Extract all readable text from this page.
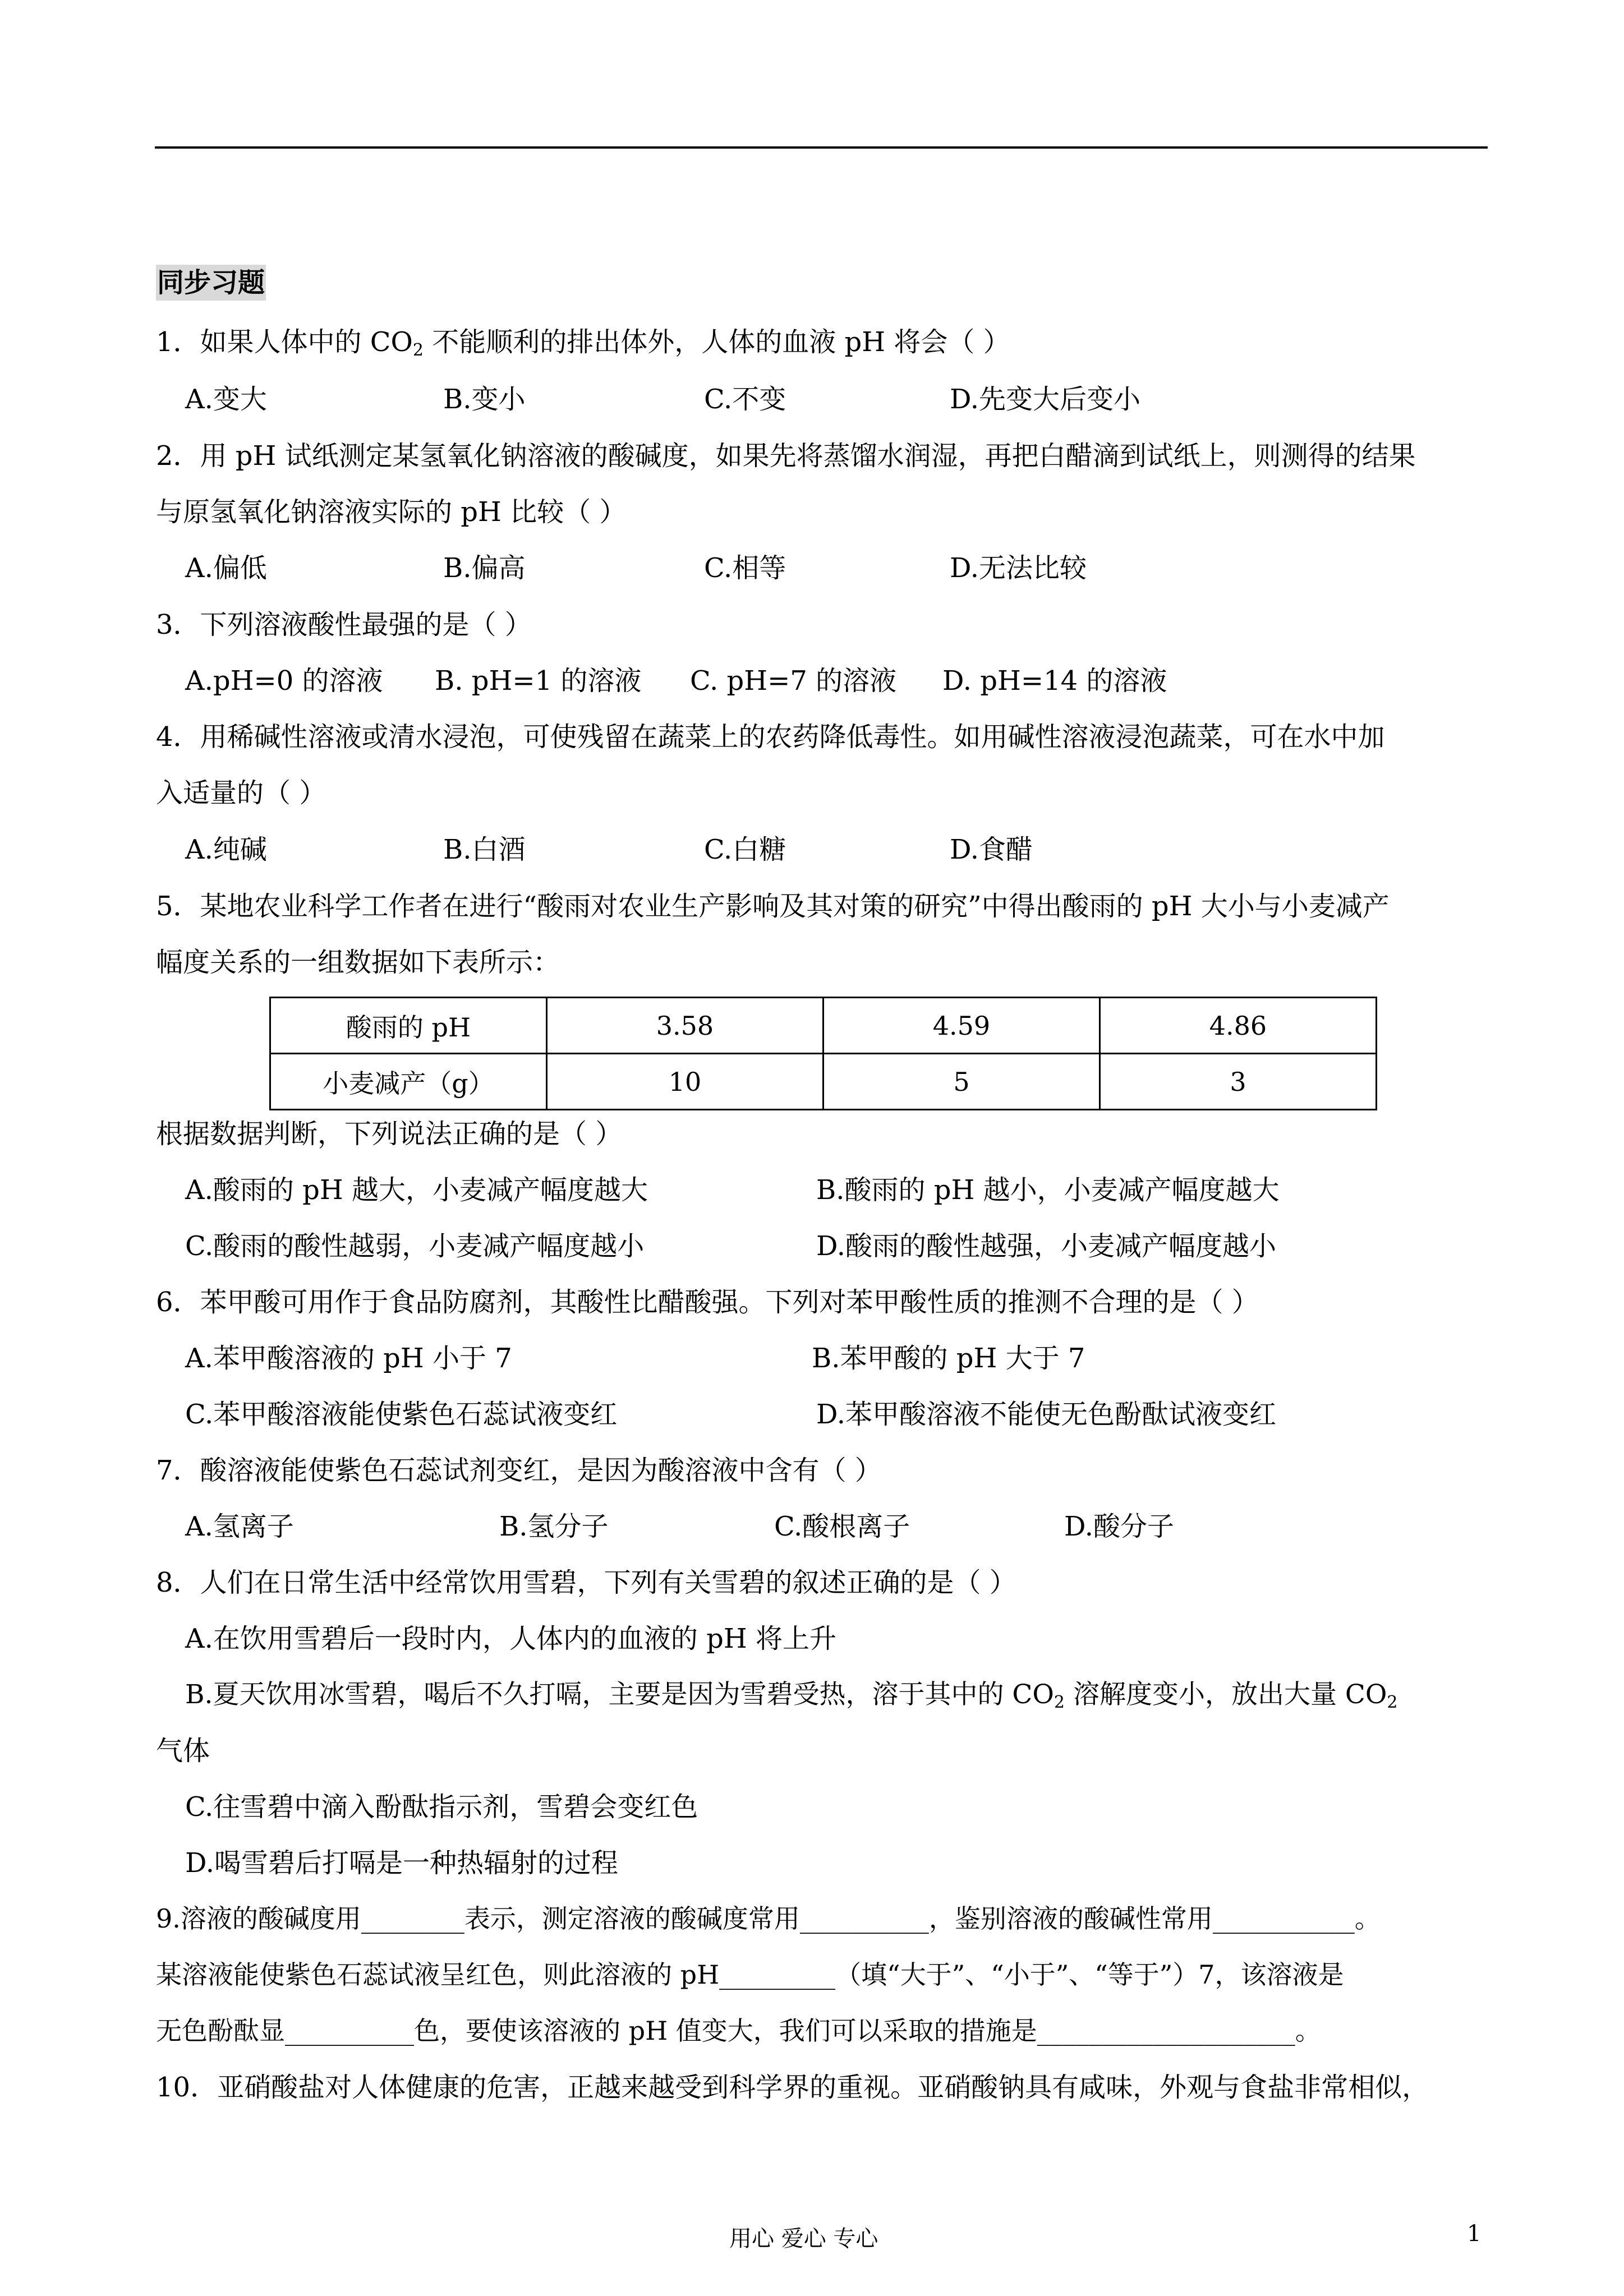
同步习题
1．如果人体中的 $CO_2$ 不能顺利的排出体外，人体的血液 pH 将会（ ）
A.变大	B.变小	C.不变	D.先变大后变小
2．用 pH 试纸测定某氢氧化钠溶液的酸碱度，如果先将蒸馏水润湿，再把白醋滴到试纸上，则测得的结果
与原氢氧化钠溶液实际的 pH 比较（ ）
A.偏低	B.偏高	C.相等	D.无法比较
3．下列溶液酸性最强的是（ ）
A.pH=0 的溶液 B. pH=1 的溶液 C. pH=7 的溶液 D. pH=14 的溶液
4．用稀碱性溶液或清水浸泡，可使残留在蔬菜上的农药降低毒性。如用碱性溶液浸泡蔬菜，可在水中加
入适量的（ ）
A.纯碱	B.白酒	C.白糖	D.食醋
5．某地农业科学工作者在进行“酸雨对农业生产影响及其对策的研究”中得出酸雨的 pH 大小与小麦减产
幅度关系的一组数据如下表所示：
酸雨的 pH	3.58	4.59	4.86
小麦减产（g）	10	5	3
根据数据判断，下列说法正确的是（ ）
A.酸雨的 pH 越大，小麦减产幅度越大	B.酸雨的 pH 越小，小麦减产幅度越大
C.酸雨的酸性越弱，小麦减产幅度越小	D.酸雨的酸性越强，小麦减产幅度越小
6．苯甲酸可用作于食品防腐剂，其酸性比醋酸强。下列对苯甲酸性质的推测不合理的是（ ）
A.苯甲酸溶液的 pH 小于 7	B.苯甲酸的 pH 大于 7
C.苯甲酸溶液能使紫色石蕊试液变红	D.苯甲酸溶液不能使无色酚酞试液变红
7．酸溶液能使紫色石蕊试剂变红，是因为酸溶液中含有（ ）
A.氢离子	B.氢分子	C.酸根离子	D.酸分子
8．人们在日常生活中经常饮用雪碧，下列有关雪碧的叙述正确的是（ ）
A.在饮用雪碧后一段时内，人体内的血液的 pH 将上升
B.夏天饮用冰雪碧，喝后不久打嗝，主要是因为雪碧受热，溶于其中的 $CO_2$ 溶解度变小，放出大量 $CO_2$
气体
C.往雪碧中滴入酚酞指示剂，雪碧会变红色
D.喝雪碧后打嗝是一种热辐射的过程
9.溶液的酸碱度用________表示，测定溶液的酸碱度常用__________，鉴别溶液的酸碱性常用___________。
某溶液能使紫色石蕊试液呈红色，则此溶液的 pH_________（填“大于”、“小于”、“等于”）7，该溶液是
无色酚酞显__________色，要使该溶液的 pH 值变大，我们可以采取的措施是____________________。
10．亚硝酸盐对人体健康的危害，正越来越受到科学界的重视。亚硝酸钠具有咸味，外观与食盐非常相似，
用心 爱心 专心	1
